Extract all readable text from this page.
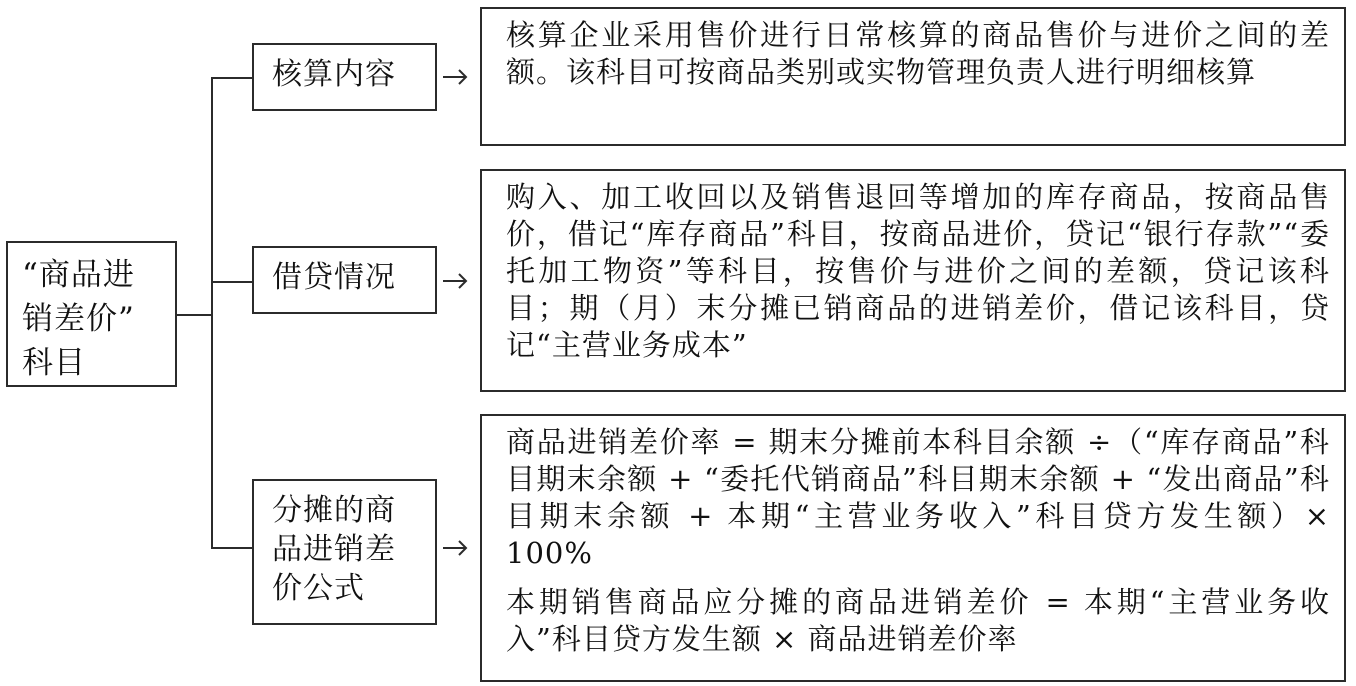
“商品进
销差价”
科目
核算内容
核算企业采用售价进行日常核算的商品售价与进价之间的差额。该科目可按商品类别或实物管理负责人进行明细核算
借贷情况
购入、加工收回以及销售退回等增加的库存商品，按商品售价，借记“库存商品”科目，按商品进价，贷记“银行存款”“委托加工物资”等科目，按售价与进价之间的差额，贷记该科目；期（月）末分摊已销商品的进销差价，借记该科目，贷记“主营业务成本”
分摊的商
品进销差
价公式
商品进销差价率 = 期末分摊前本科目余额 ÷（“库存商品”科目期末余额 + “委托代销商品”科目期末余额 + “发出商品”科目期末余额 + 本期“主营业务收入”科目贷方发生额）× 100%
本期销售商品应分摊的商品进销差价 = 本期“主营业务收入”科目贷方发生额 × 商品进销差价率
